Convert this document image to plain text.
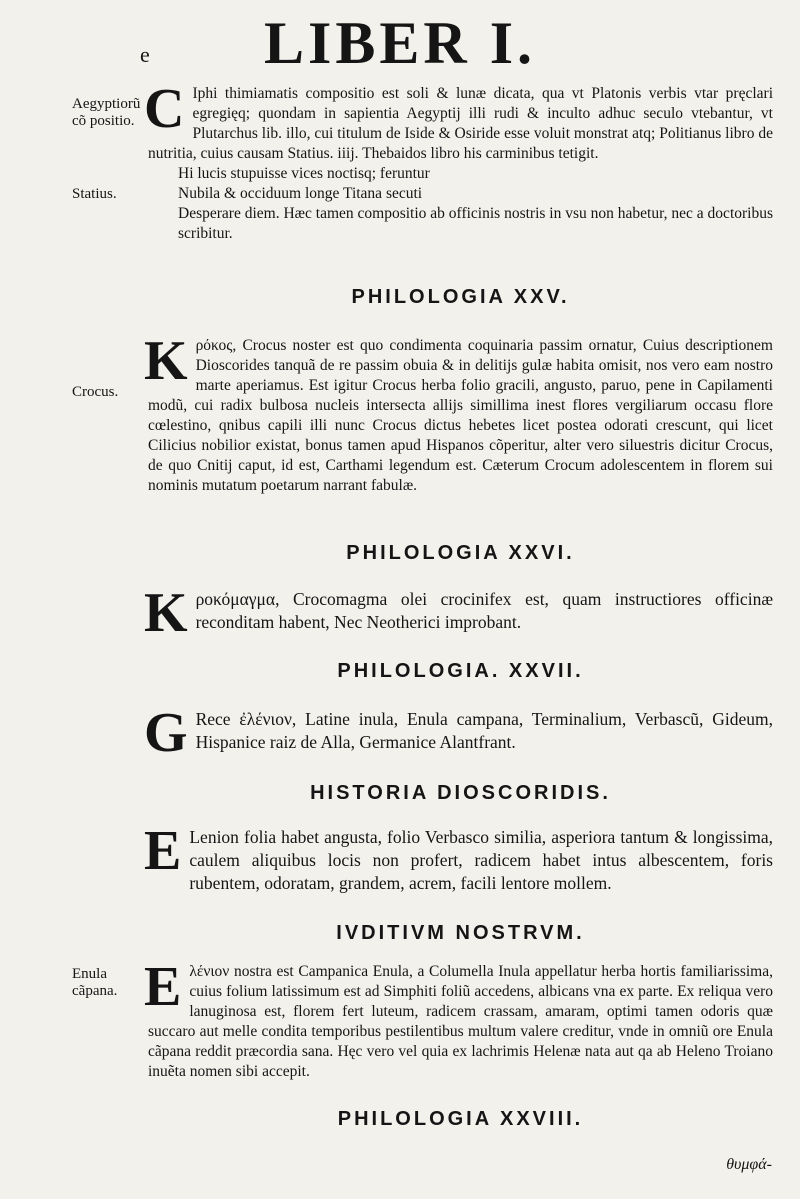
e	LIBER I.
Aegyptiorũ cõ positio.
Statius.
Crocus.
Enula cãpana.
C Iphi thimiamatis compositio est soli & lunæ dicata, qua vt Platonis verbis vtar pręclari egregięq; quondam in sapientia Aegyptij illi rudi & inculto adhuc seculo vtebantur, vt Plutarchus lib. illo, cui titulum de Iside & Osiride esse voluit monstrat atq; Politianus libro de nutritia, cuius causam Statius. iiij. Thebaidos libro his carminibus tetigit.
Hi lucis stupuisse vices noctisq; feruntur
Nubila & occiduum longe Titana secuti
Desperare diem. Hæc tamen compositio ab officinis nostris in vsu non habetur, nec a doctoribus scribitur.
PHILOLOGIA XXV.
K ρόκος, Crocus noster est quo condimenta coquinaria passim ornatur, Cuius descriptionem Dioscorides tanquã de re passim obuia & in delitijs gulæ habita omisit, nos vero eam nostro marte aperiamus. Est igitur Crocus herba folio gracili, angusto, paruo, pene in Capilamenti modũ, cui radix bulbosa nucleis intersecta allijs simillima inest flores vergiliarum occasu flore cœlestino, qnibus capili illi nunc Crocus dictus hebetes licet postea odorati crescunt, qui licet Cilicius nobilior existat, bonus tamen apud Hispanos cõperitur, alter vero siluestris dicitur Crocus, de quo Cnitij caput, id est, Carthami legendum est. Cæterum Crocum adolescentem in florem sui nominis mutatum poetarum narrant fabulæ.
PHILOLOGIA XXVI.
K ροκόμαγμα, Crocomagma olei crocinifex est, quam instructiores officinæ reconditam habent, Nec Neotherici improbant.
PHILOLOGIA. XXVII.
G Rece ἐλένιον, Latine inula, Enula campana, Terminalium, Verbascũ, Gideum, Hispanice raiz de Alla, Germanice Alantfrant.
HISTORIA DIOSCORIDIS.
E Lenion folia habet angusta, folio Verbasco similia, asperiora tantum & longissima, caulem aliquibus locis non profert, radicem habet intus albescentem, foris rubentem, odoratam, grandem, acrem, facili lentore mollem.
IVDITIVM NOSTRVM.
E λένιον nostra est Campanica Enula, a Columella Inula appellatur herba hortis familiarissima, cuius folium latissimum est ad Simphiti foliũ accedens, albicans vna ex parte. Ex reliqua vero lanuginosa est, florem fert luteum, radicem crassam, amaram, optimi tamen odoris quæ succaro aut melle condita temporibus pestilentibus multum valere creditur, vnde in omniũ ore Enula cãpana reddit præcordia sana. Hęc vero vel quia ex lachrimis Helenæ nata aut qa ab Heleno Troiano inuẽta nomen sibi accepit.
PHILOLOGIA XXVIII.
θυμφά-
